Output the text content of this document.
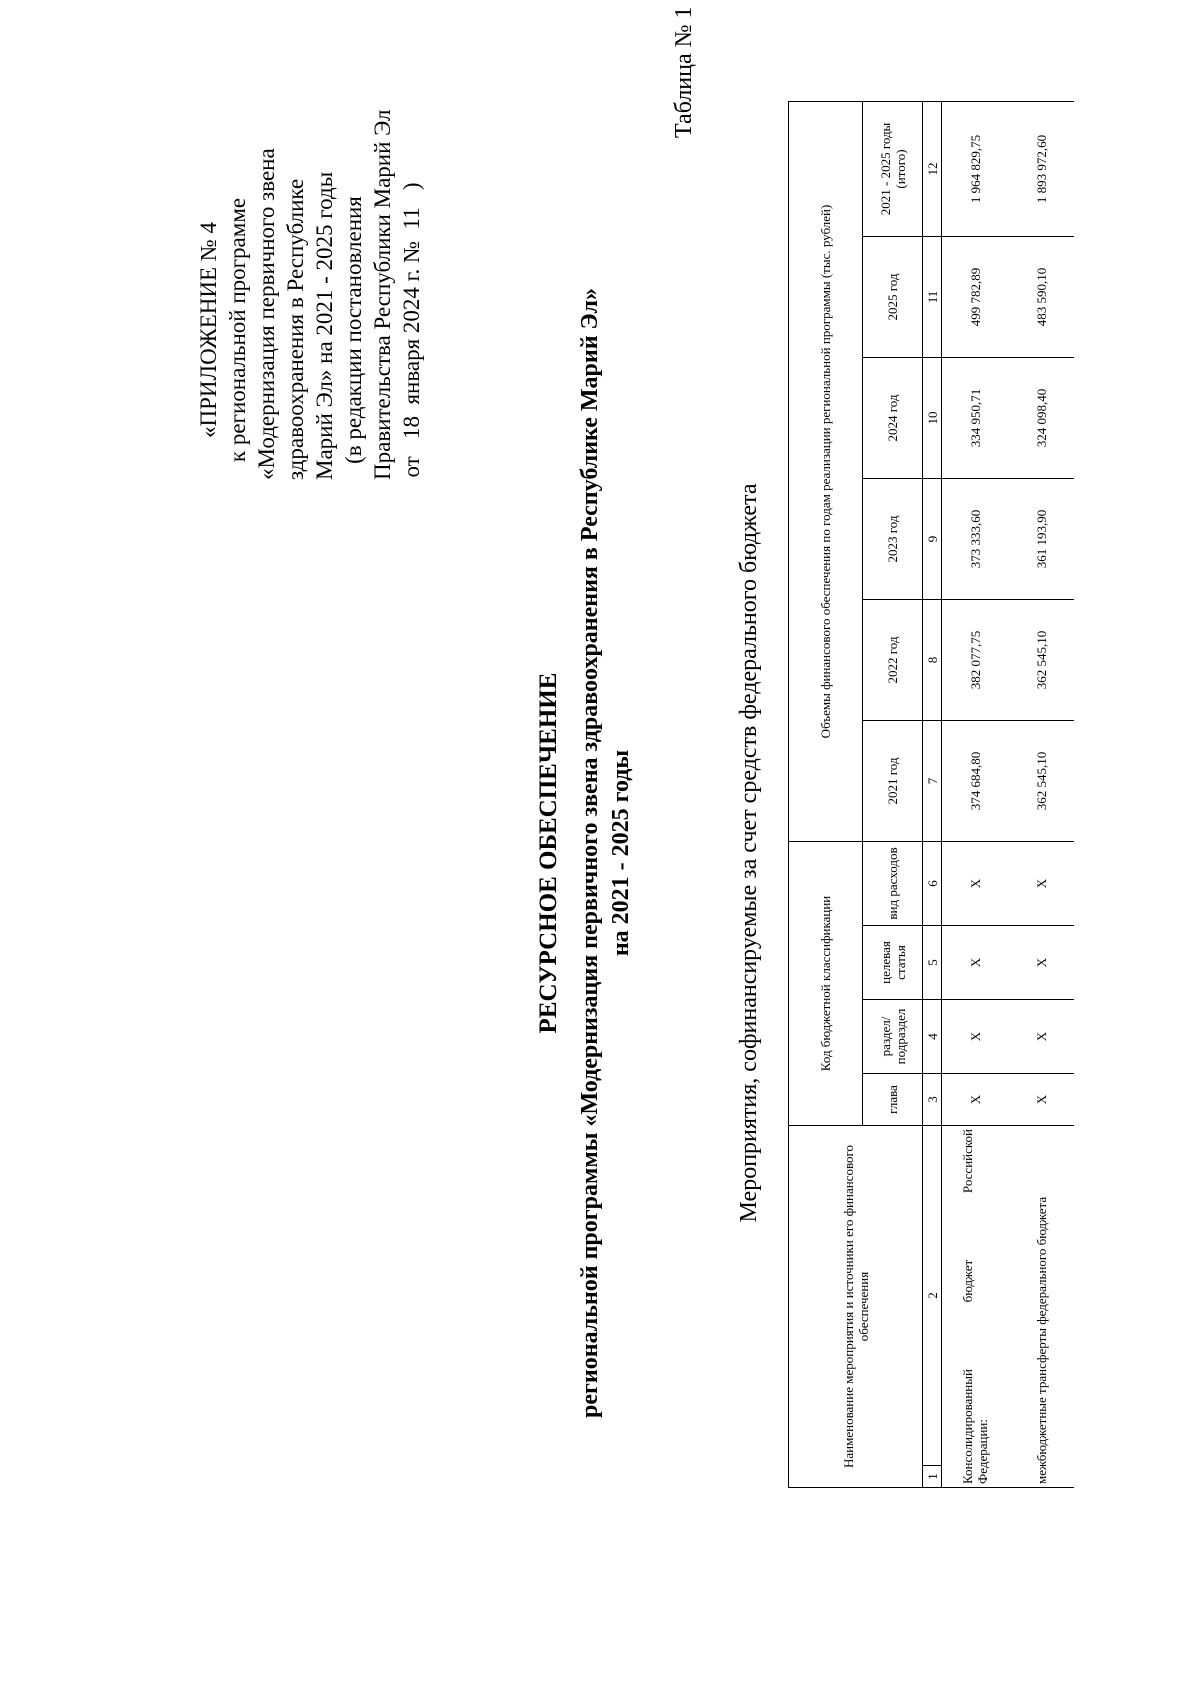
«ПРИЛОЖЕНИЕ № 4 к региональной программе «Модернизация первичного звена здравоохранения в Республике Марий Эл» на 2021 - 2025 годы (в редакции постановления Правительства Республики Марий Эл от   18  января 2024 г. №  11   )
РЕСУРСНОЕ ОБЕСПЕЧЕНИЕ региональной программы «Модернизация первичного звена здравоохранения в Республике Марий Эл» на 2021 - 2025 годы
Таблица № 1
Мероприятия, софинансируемые за счет средств федерального бюджета
Наименование мероприятия и источники его финансового обеспечения		Код бюджетной классификации				Объемы финансового обеспечения по годам реализации региональной программы (тыс. рублей)					
		глава	раздел/ подраздел	целевая статья	вид расходов	2021 год	2022 год	2023 год	2024 год	2025 год	2021 - 2025 годы (итого)
1	2	3	4	5	6	7	8	9	10	11	12

Консолидированный
бюджет
Российской
Федерации:		Х	Х	Х	Х	374 684,80	382 077,75	373 333,60	334 950,71	499 782,89	1 964 829,75
межбюджетные трансферты федерального бюджета		Х	Х	Х	Х	362 545,10	362 545,10	361 193,90	324 098,40	483 590,10	1 893 972,60
